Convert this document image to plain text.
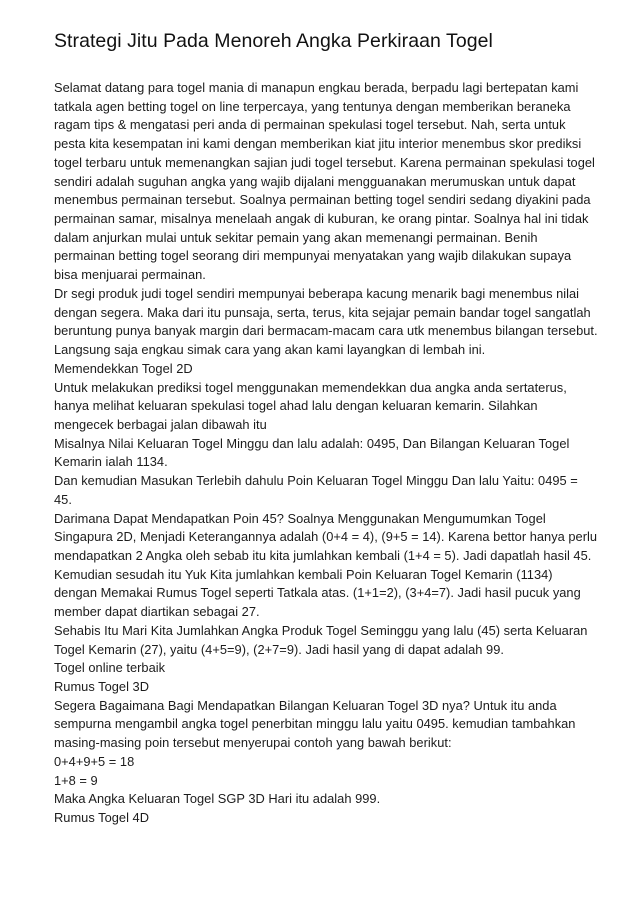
Strategi Jitu Pada Menoreh Angka Perkiraan Togel

Selamat datang para togel mania di manapun engkau berada, berpadu lagi bertepatan kami tatkala agen betting togel on line terpercaya, yang tentunya dengan memberikan beraneka ragam tips & mengatasi peri anda di permainan spekulasi togel tersebut. Nah, serta untuk pesta kita kesempatan ini kami dengan memberikan kiat jitu interior menembus skor prediksi togel terbaru untuk memenangkan sajian judi togel tersebut. Karena permainan spekulasi togel sendiri adalah suguhan angka yang wajib dijalani mengguanakan merumuskan untuk dapat menembus permainan tersebut. Soalnya permainan betting togel sendiri sedang diyakini pada permainan samar, misalnya menelaah angak di kuburan, ke orang pintar. Soalnya hal ini tidak dalam anjurkan mulai untuk sekitar pemain yang akan memenangi permainan. Benih permainan betting togel seorang diri mempunyai menyatakan yang wajib dilakukan supaya bisa menjuarai permainan.

Dr segi produk judi togel sendiri mempunyai beberapa kacung menarik bagi menembus nilai dengan segera. Maka dari itu punsaja, serta, terus, kita sejajar pemain bandar togel sangatlah beruntung punya banyak margin dari bermacam-macam cara utk menembus bilangan tersebut. Langsung saja engkau simak cara yang akan kami layangkan di lembah ini.

Memendekkan Togel 2D

Untuk melakukan prediksi togel menggunakan memendekkan dua angka anda sertaterus, hanya melihat keluaran spekulasi togel ahad lalu dengan keluaran kemarin. Silahkan mengecek berbagai jalan dibawah itu

Misalnya Nilai Keluaran Togel Minggu dan lalu adalah: 0495, Dan Bilangan Keluaran Togel Kemarin ialah 1134.

Dan kemudian Masukan Terlebih dahulu Poin Keluaran Togel Minggu Dan lalu Yaitu: 0495 = 45.

Darimana Dapat Mendapatkan Poin 45? Soalnya Menggunakan Mengumumkan Togel Singapura 2D, Menjadi Keterangannya adalah (0+4 = 4), (9+5 = 14). Karena bettor hanya perlu mendapatkan 2 Angka oleh sebab itu kita jumlahkan kembali (1+4 = 5). Jadi dapatlah hasil 45.

Kemudian sesudah itu Yuk Kita jumlahkan kembali Poin Keluaran Togel Kemarin (1134) dengan Memakai Rumus Togel seperti Tatkala atas. (1+1=2), (3+4=7). Jadi hasil pucuk yang member dapat diartikan sebagai 27.

Sehabis Itu Mari Kita Jumlahkan Angka Produk Togel Seminggu yang lalu (45) serta Keluaran Togel Kemarin (27), yaitu (4+5=9), (2+7=9). Jadi hasil yang di dapat adalah 99.

Togel online terbaik

Rumus Togel 3D

Segera Bagaimana Bagi Mendapatkan Bilangan Keluaran Togel 3D nya? Untuk itu anda sempurna mengambil angka togel penerbitan minggu lalu yaitu 0495. kemudian tambahkan masing-masing poin tersebut menyerupai contoh yang bawah berikut:

0+4+9+5 = 18

1+8 = 9

Maka Angka Keluaran Togel SGP 3D Hari itu adalah 999.

Rumus Togel 4D
